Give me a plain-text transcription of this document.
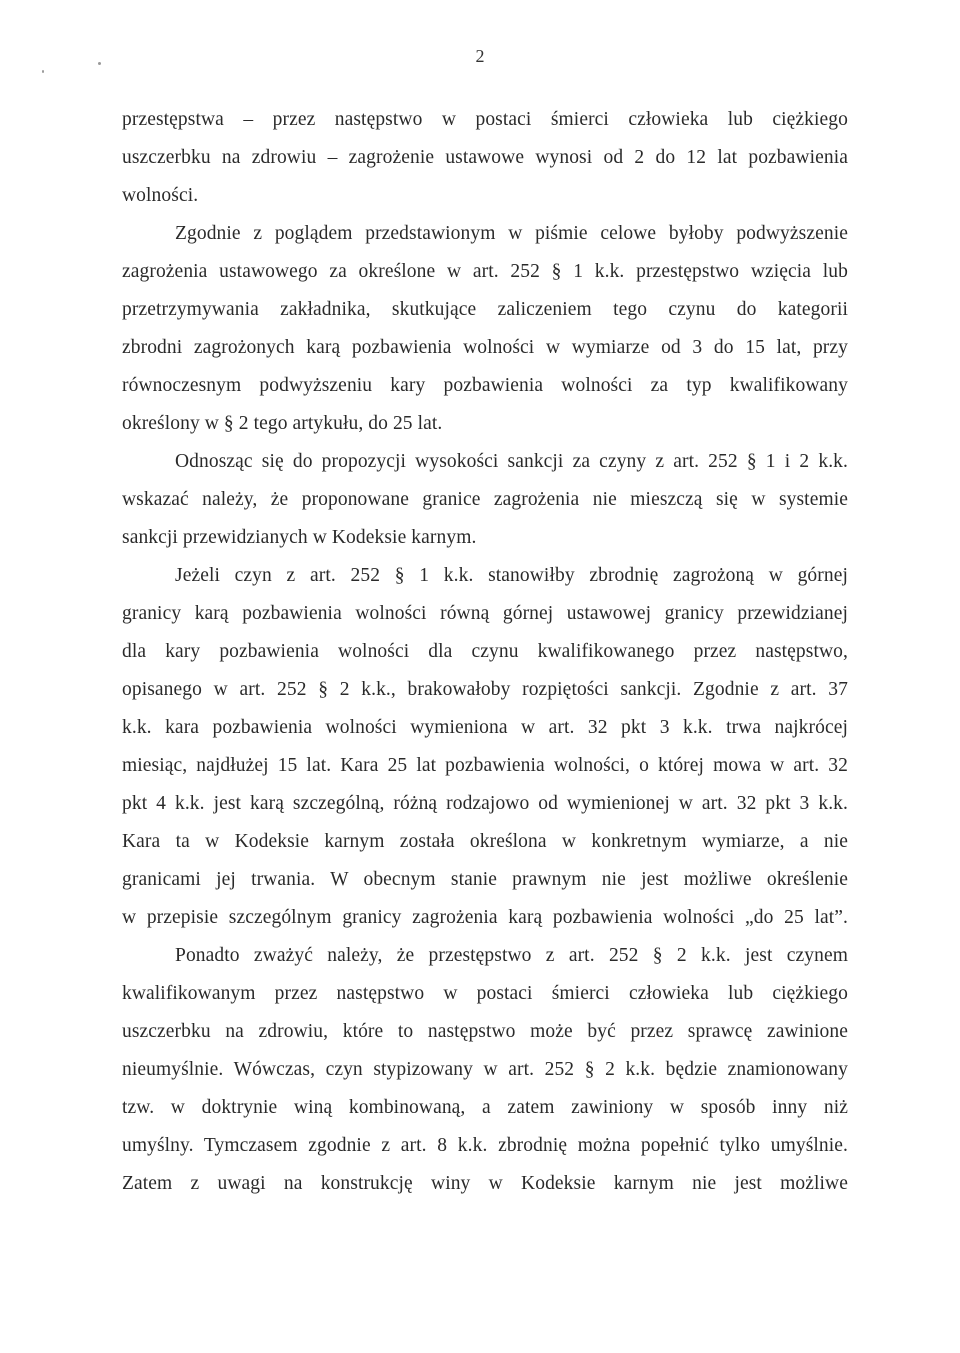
2
przestępstwa – przez następstwo w postaci śmierci człowieka lub ciężkiego
uszczerbku na zdrowiu – zagrożenie ustawowe wynosi od 2 do 12 lat pozbawienia
wolności.
Zgodnie z poglądem przedstawionym w piśmie celowe byłoby podwyższenie
zagrożenia ustawowego za określone w art. 252 § 1 k.k. przestępstwo wzięcia lub
przetrzymywania zakładnika, skutkujące zaliczeniem tego czynu do kategorii
zbrodni zagrożonych karą pozbawienia wolności w wymiarze od 3 do 15 lat, przy
równoczesnym podwyższeniu kary pozbawienia wolności za typ kwalifikowany
określony w § 2 tego artykułu, do 25 lat.
Odnosząc się do propozycji wysokości sankcji za czyny z art. 252 § 1 i 2 k.k.
wskazać należy, że proponowane granice zagrożenia nie mieszczą się w systemie
sankcji przewidzianych w Kodeksie karnym.
Jeżeli czyn z art. 252 § 1 k.k. stanowiłby zbrodnię zagrożoną w górnej
granicy karą pozbawienia wolności równą górnej ustawowej granicy przewidzianej
dla kary pozbawienia wolności dla czynu kwalifikowanego przez następstwo,
opisanego w art. 252 § 2 k.k., brakowałoby rozpiętości sankcji. Zgodnie z art. 37
k.k. kara pozbawienia wolności wymieniona w art. 32 pkt 3 k.k. trwa najkrócej
miesiąc, najdłużej 15 lat. Kara 25 lat pozbawienia wolności, o której mowa w art. 32
pkt 4 k.k. jest karą szczególną, różną rodzajowo od wymienionej w art. 32 pkt 3 k.k.
Kara ta w Kodeksie karnym została określona w konkretnym wymiarze, a nie
granicami jej trwania. W obecnym stanie prawnym nie jest możliwe określenie
w przepisie szczególnym granicy zagrożenia karą pozbawienia wolności „do 25 lat”.
Ponadto zważyć należy, że przestępstwo z art. 252 § 2 k.k. jest czynem
kwalifikowanym przez następstwo w postaci śmierci człowieka lub ciężkiego
uszczerbku na zdrowiu, które to następstwo może być przez sprawcę zawinione
nieumyślnie. Wówczas, czyn stypizowany w art. 252 § 2 k.k. będzie znamionowany
tzw. w doktrynie winą kombinowaną, a zatem zawiniony w sposób inny niż
umyślny. Tymczasem zgodnie z art. 8 k.k. zbrodnię można popełnić tylko umyślnie.
Zatem z uwagi na konstrukcję winy w Kodeksie karnym nie jest możliwe
